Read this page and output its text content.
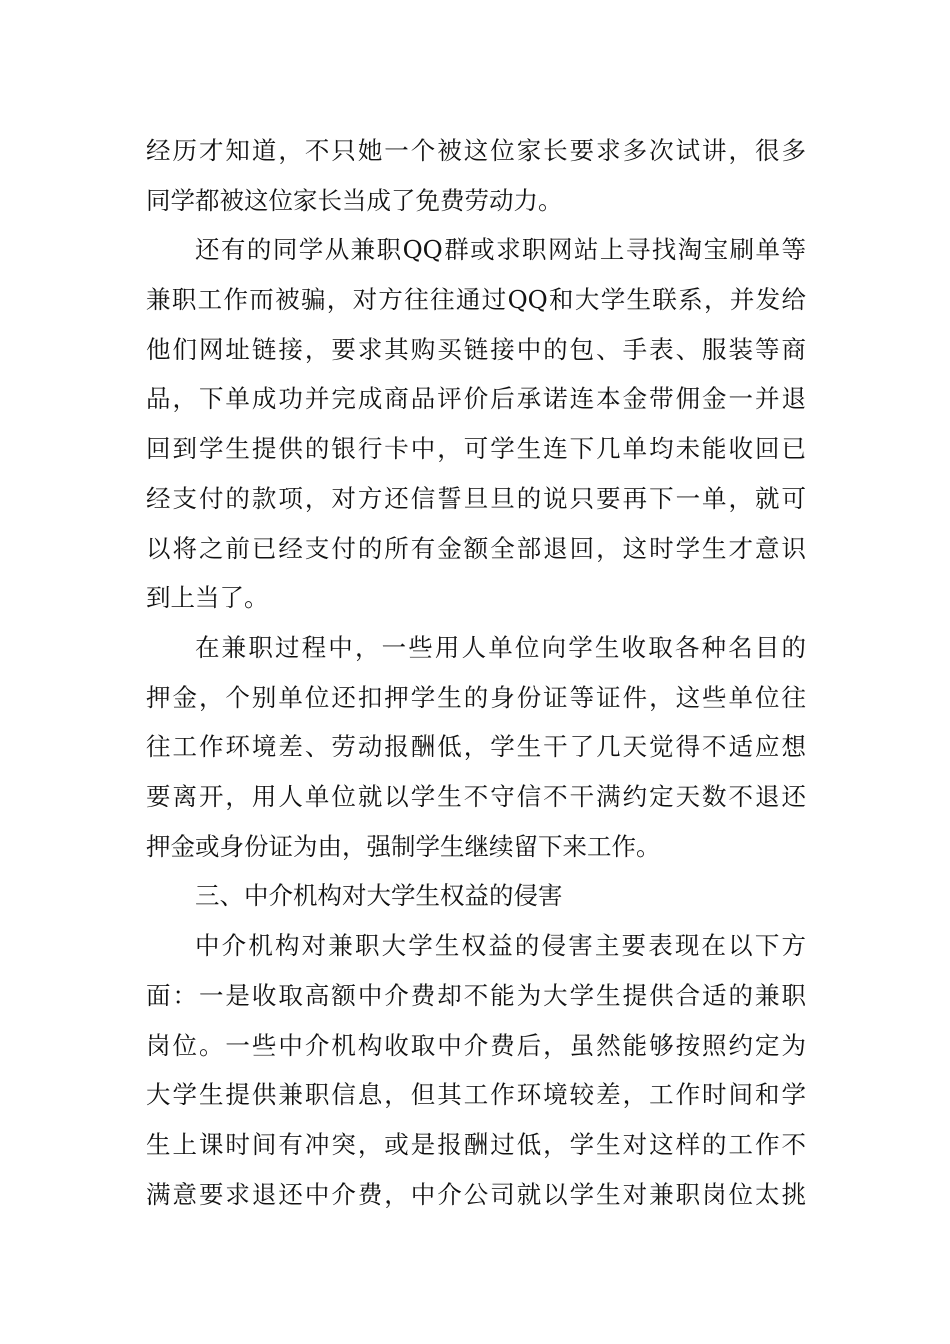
经历才知道，不只她一个被这位家长要求多次试讲，很多
同学都被这位家长当成了免费劳动力。
还有的同学从兼职QQ群或求职网站上寻找淘宝刷单等
兼职工作而被骗，对方往往通过QQ和大学生联系，并发给
他们网址链接，要求其购买链接中的包、手表、服装等商
品，下单成功并完成商品评价后承诺连本金带佣金一并退
回到学生提供的银行卡中，可学生连下几单均未能收回已
经支付的款项，对方还信誓旦旦的说只要再下一单，就可
以将之前已经支付的所有金额全部退回，这时学生才意识
到上当了。
在兼职过程中，一些用人单位向学生收取各种名目的
押金，个别单位还扣押学生的身份证等证件，这些单位往
往工作环境差、劳动报酬低，学生干了几天觉得不适应想
要离开，用人单位就以学生不守信不干满约定天数不退还
押金或身份证为由，强制学生继续留下来工作。
三、中介机构对大学生权益的侵害
中介机构对兼职大学生权益的侵害主要表现在以下方
面：一是收取高额中介费却不能为大学生提供合适的兼职
岗位。一些中介机构收取中介费后，虽然能够按照约定为
大学生提供兼职信息，但其工作环境较差，工作时间和学
生上课时间有冲突，或是报酬过低，学生对这样的工作不
满意要求退还中介费，中介公司就以学生对兼职岗位太挑
